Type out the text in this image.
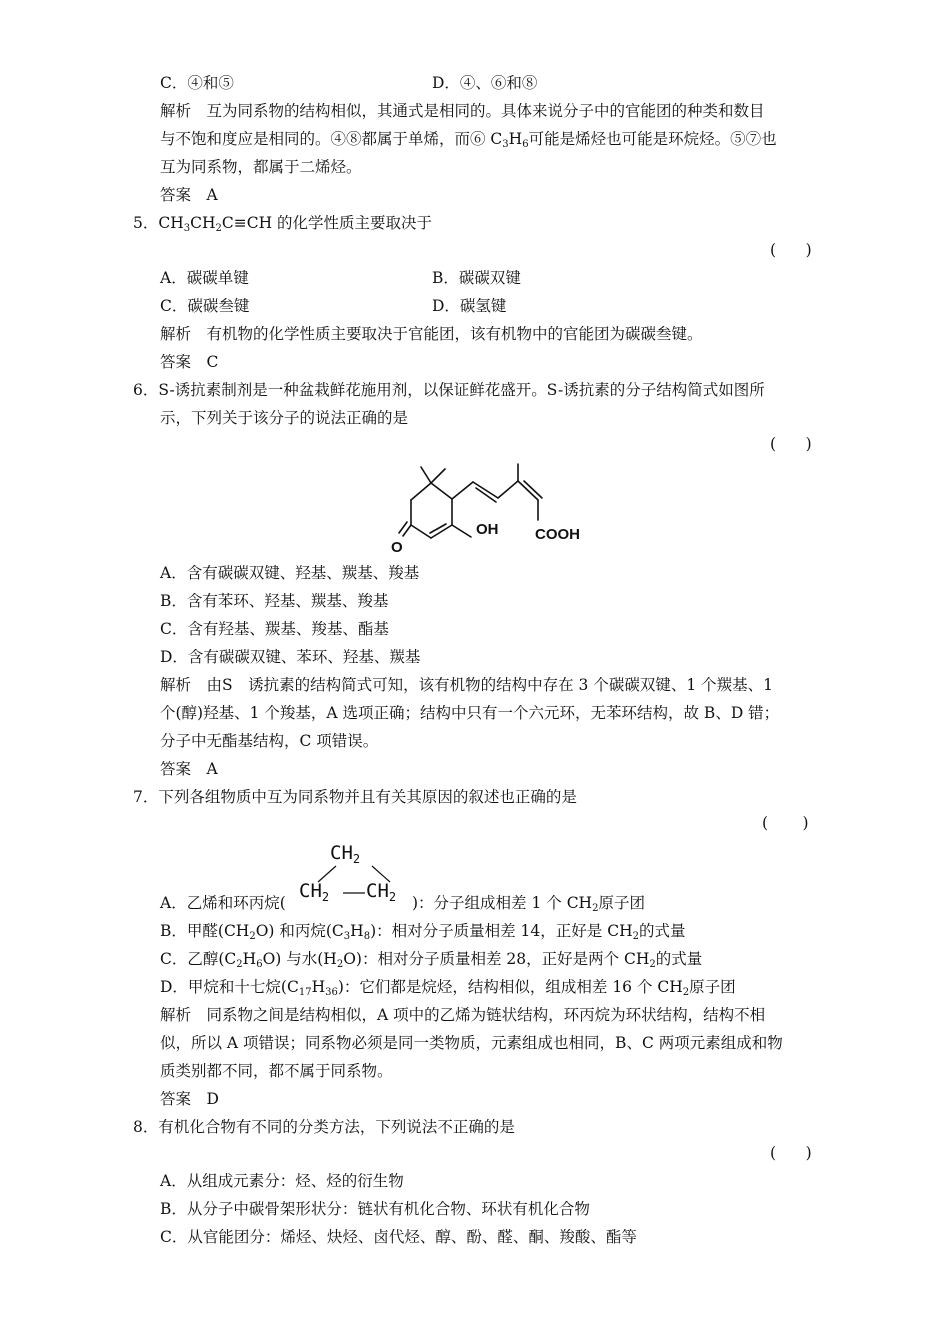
C．④和⑤	D．④、⑥和⑧
解析　互为同系物的结构相似，其通式是相同的。具体来说分子中的官能团的种类和数目
与不饱和度应是相同的。④⑧都属于单烯，而⑥ $C_3H_6$可能是烯烃也可能是环烷烃。⑤⑦也
互为同系物，都属于二烯烃。
答案　A
5．$CH_3CH_2C\equiv CH$ 的化学性质主要取决于
(      )
A．碳碳单键	B．碳碳双键
C．碳碳叁键	D．碳氢键
解析　有机物的化学性质主要取决于官能团，该有机物中的官能团为碳碳叁键。
答案　C
6．S-诱抗素制剂是一种盆栽鲜花施用剂，以保证鲜花盛开。S-诱抗素的分子结构简式如图所
示，下列关于该分子的说法正确的是
(      )
OH
O
COOH
A．含有碳碳双键、羟基、羰基、羧基
B．含有苯环、羟基、羰基、羧基
C．含有羟基、羰基、羧基、酯基
D．含有碳碳双键、苯环、羟基、羰基
解析　由S　诱抗素的结构简式可知，该有机物的结构中存在 3 个碳碳双键、1 个羰基、1
个(醇)羟基、1 个羧基，A 选项正确；结构中只有一个六元环，无苯环结构，故 B、D 错；
分子中无酯基结构，C 项错误。
答案　A
7．下列各组物质中互为同系物并且有关其原因的叙述也正确的是
(       )
$CH_2$
$CH_2$ $CH_2$
A．乙烯和环丙烷(	)：分子组成相差 1 个 $CH_2$原子团
B．甲醛$(CH_2O)$ 和丙烷$(C_3H_8)$：相对分子质量相差 14，正好是 $CH_2$的式量
C．乙醇$(C_2H_6O)$ 与水$(H_2O)$：相对分子质量相差 28，正好是两个 $CH_2$的式量
D．甲烷和十七烷$(C_{17}H_{36})$：它们都是烷烃，结构相似，组成相差 16 个 $CH_2$原子团
解析　同系物之间是结构相似，A 项中的乙烯为链状结构，环丙烷为环状结构，结构不相
似，所以 A 项错误；同系物必须是同一类物质，元素组成也相同，B、C 两项元素组成和物
质类别都不同，都不属于同系物。
答案　D
8．有机化合物有不同的分类方法，下列说法不正确的是
(      )
A．从组成元素分：烃、烃的衍生物
B．从分子中碳骨架形状分：链状有机化合物、环状有机化合物
C．从官能团分：烯烃、炔烃、卤代烃、醇、酚、醛、酮、羧酸、酯等
